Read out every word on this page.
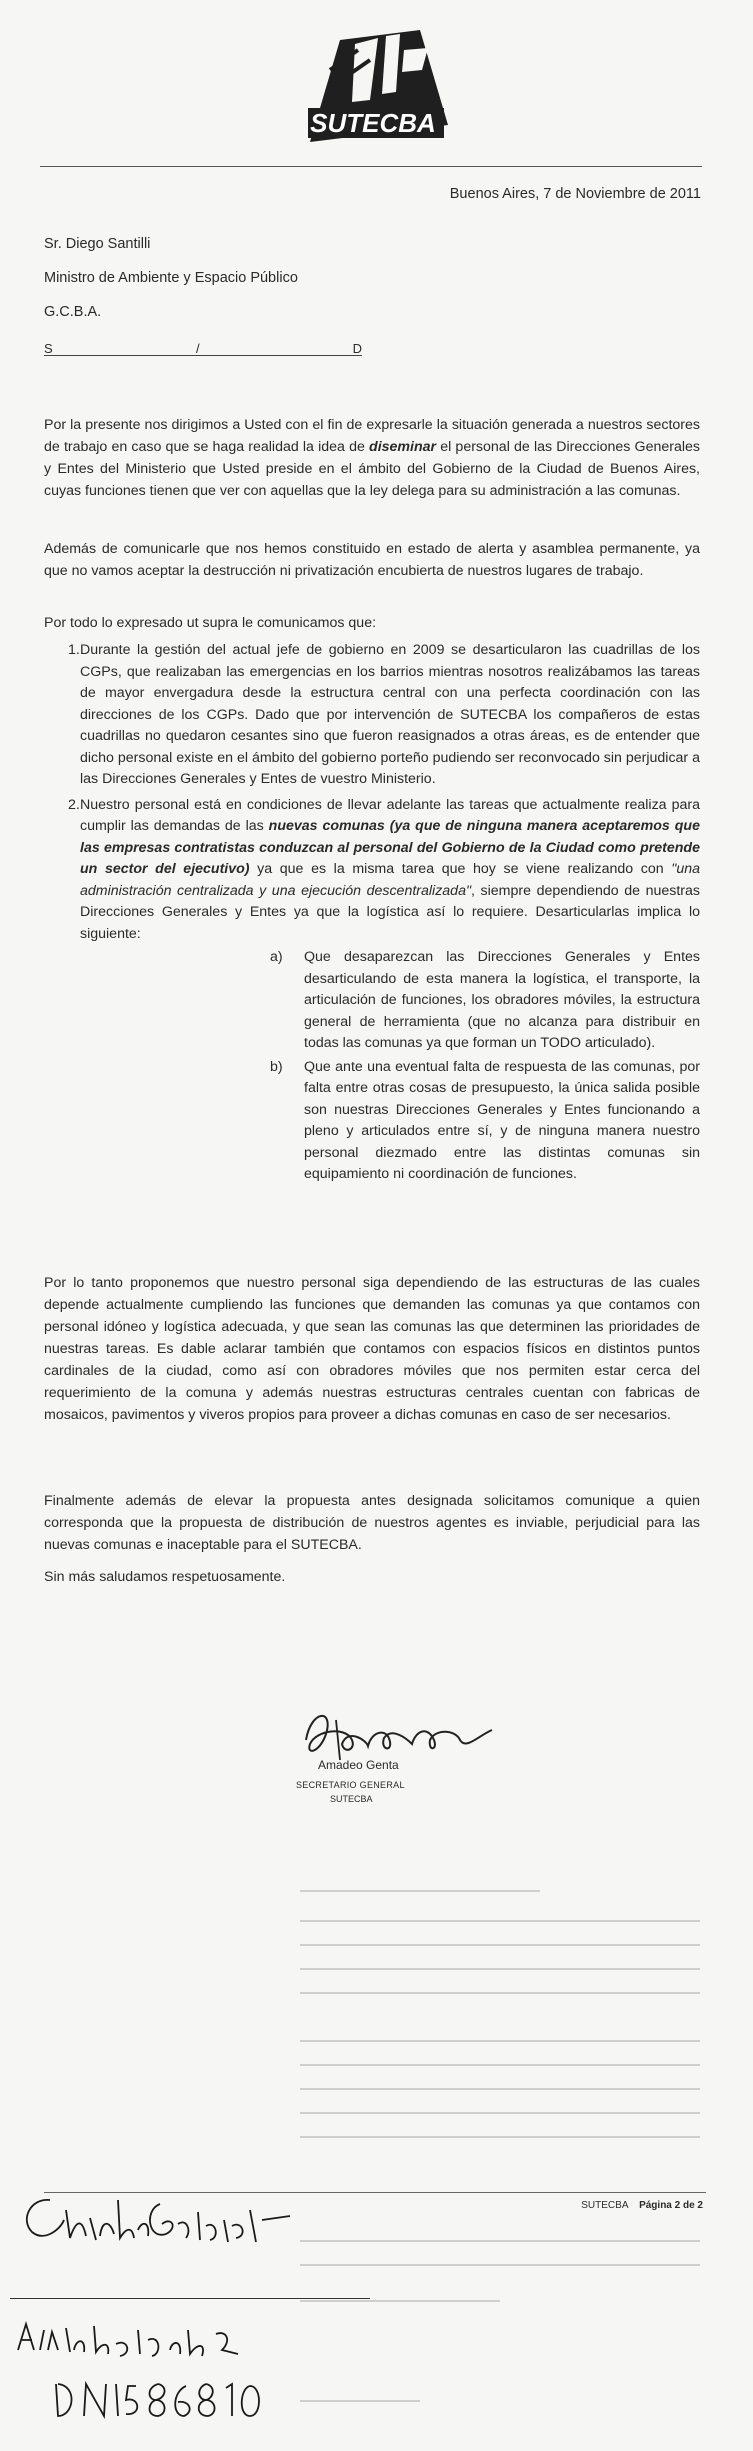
SUTECBA
Buenos Aires, 7 de Noviembre de 2011
Sr. Diego Santilli
Ministro de Ambiente y Espacio Público
G.C.B.A.
S	/	D

Por la presente nos dirigimos a Usted con el fin de expresarle la situación generada a nuestros sectores de trabajo en caso que se haga realidad la idea de diseminar el personal de las Direcciones Generales y Entes del Ministerio que Usted preside en el ámbito del Gobierno de la Ciudad de Buenos Aires, cuyas funciones tienen que ver con aquellas que la ley delega para su administración a las comunas.

Además de comunicarle que nos hemos constituido en estado de alerta y asamblea permanente, ya que no vamos aceptar la destrucción ni privatización encubierta de nuestros lugares de trabajo.

Por todo lo expresado ut supra le comunicamos que:

1. Durante la gestión del actual jefe de gobierno en 2009 se desarticularon las cuadrillas de los CGPs, que realizaban las emergencias en los barrios mientras nosotros realizábamos las tareas de mayor envergadura desde la estructura central con una perfecta coordinación con las direcciones de los CGPs. Dado que por intervención de SUTECBA los compañeros de estas cuadrillas no quedaron cesantes sino que fueron reasignados a otras áreas, es de entender que dicho personal existe en el ámbito del gobierno porteño pudiendo ser reconvocado sin perjudicar a las Direcciones Generales y Entes de vuestro Ministerio.
2. Nuestro personal está en condiciones de llevar adelante las tareas que actualmente realiza para cumplir las demandas de las nuevas comunas (ya que de ninguna manera aceptaremos que las empresas contratistas conduzcan al personal del Gobierno de la Ciudad como pretende un sector del ejecutivo) ya que es la misma tarea que hoy se viene realizando con "una administración centralizada y una ejecución descentralizada", siempre dependiendo de nuestras Direcciones Generales y Entes ya que la logística así lo requiere. Desarticularlas implica lo siguiente:
a) Que desaparezcan las Direcciones Generales y Entes desarticulando de esta manera la logística, el transporte, la articulación de funciones, los obradores móviles, la estructura general de herramienta (que no alcanza para distribuir en todas las comunas ya que forman un TODO articulado).
b) Que ante una eventual falta de respuesta de las comunas, por falta entre otras cosas de presupuesto, la única salida posible son nuestras Direcciones Generales y Entes funcionando a pleno y articulados entre sí, y de ninguna manera nuestro personal diezmado entre las distintas comunas sin equipamiento ni coordinación de funciones.

Por lo tanto proponemos que nuestro personal siga dependiendo de las estructuras de las cuales depende actualmente cumpliendo las funciones que demanden las comunas ya que contamos con personal idóneo y logística adecuada, y que sean las comunas las que determinen las prioridades de nuestras tareas. Es dable aclarar también que contamos con espacios físicos en distintos puntos cardinales de la ciudad, como así con obradores móviles que nos permiten estar cerca del requerimiento de la comuna y además nuestras estructuras centrales cuentan con fabricas de mosaicos, pavimentos y viveros propios para proveer a dichas comunas en caso de ser necesarios.

Finalmente además de elevar la propuesta antes designada solicitamos comunique a quien corresponda que la propuesta de distribución de nuestros agentes es inviable, perjudicial para las nuevas comunas e inaceptable para el SUTECBA.

Sin más saludamos respetuosamente.

Amadeo Genta
SECRETARIO GENERAL
SUTECBA
SUTECBA Página 2 de 2
